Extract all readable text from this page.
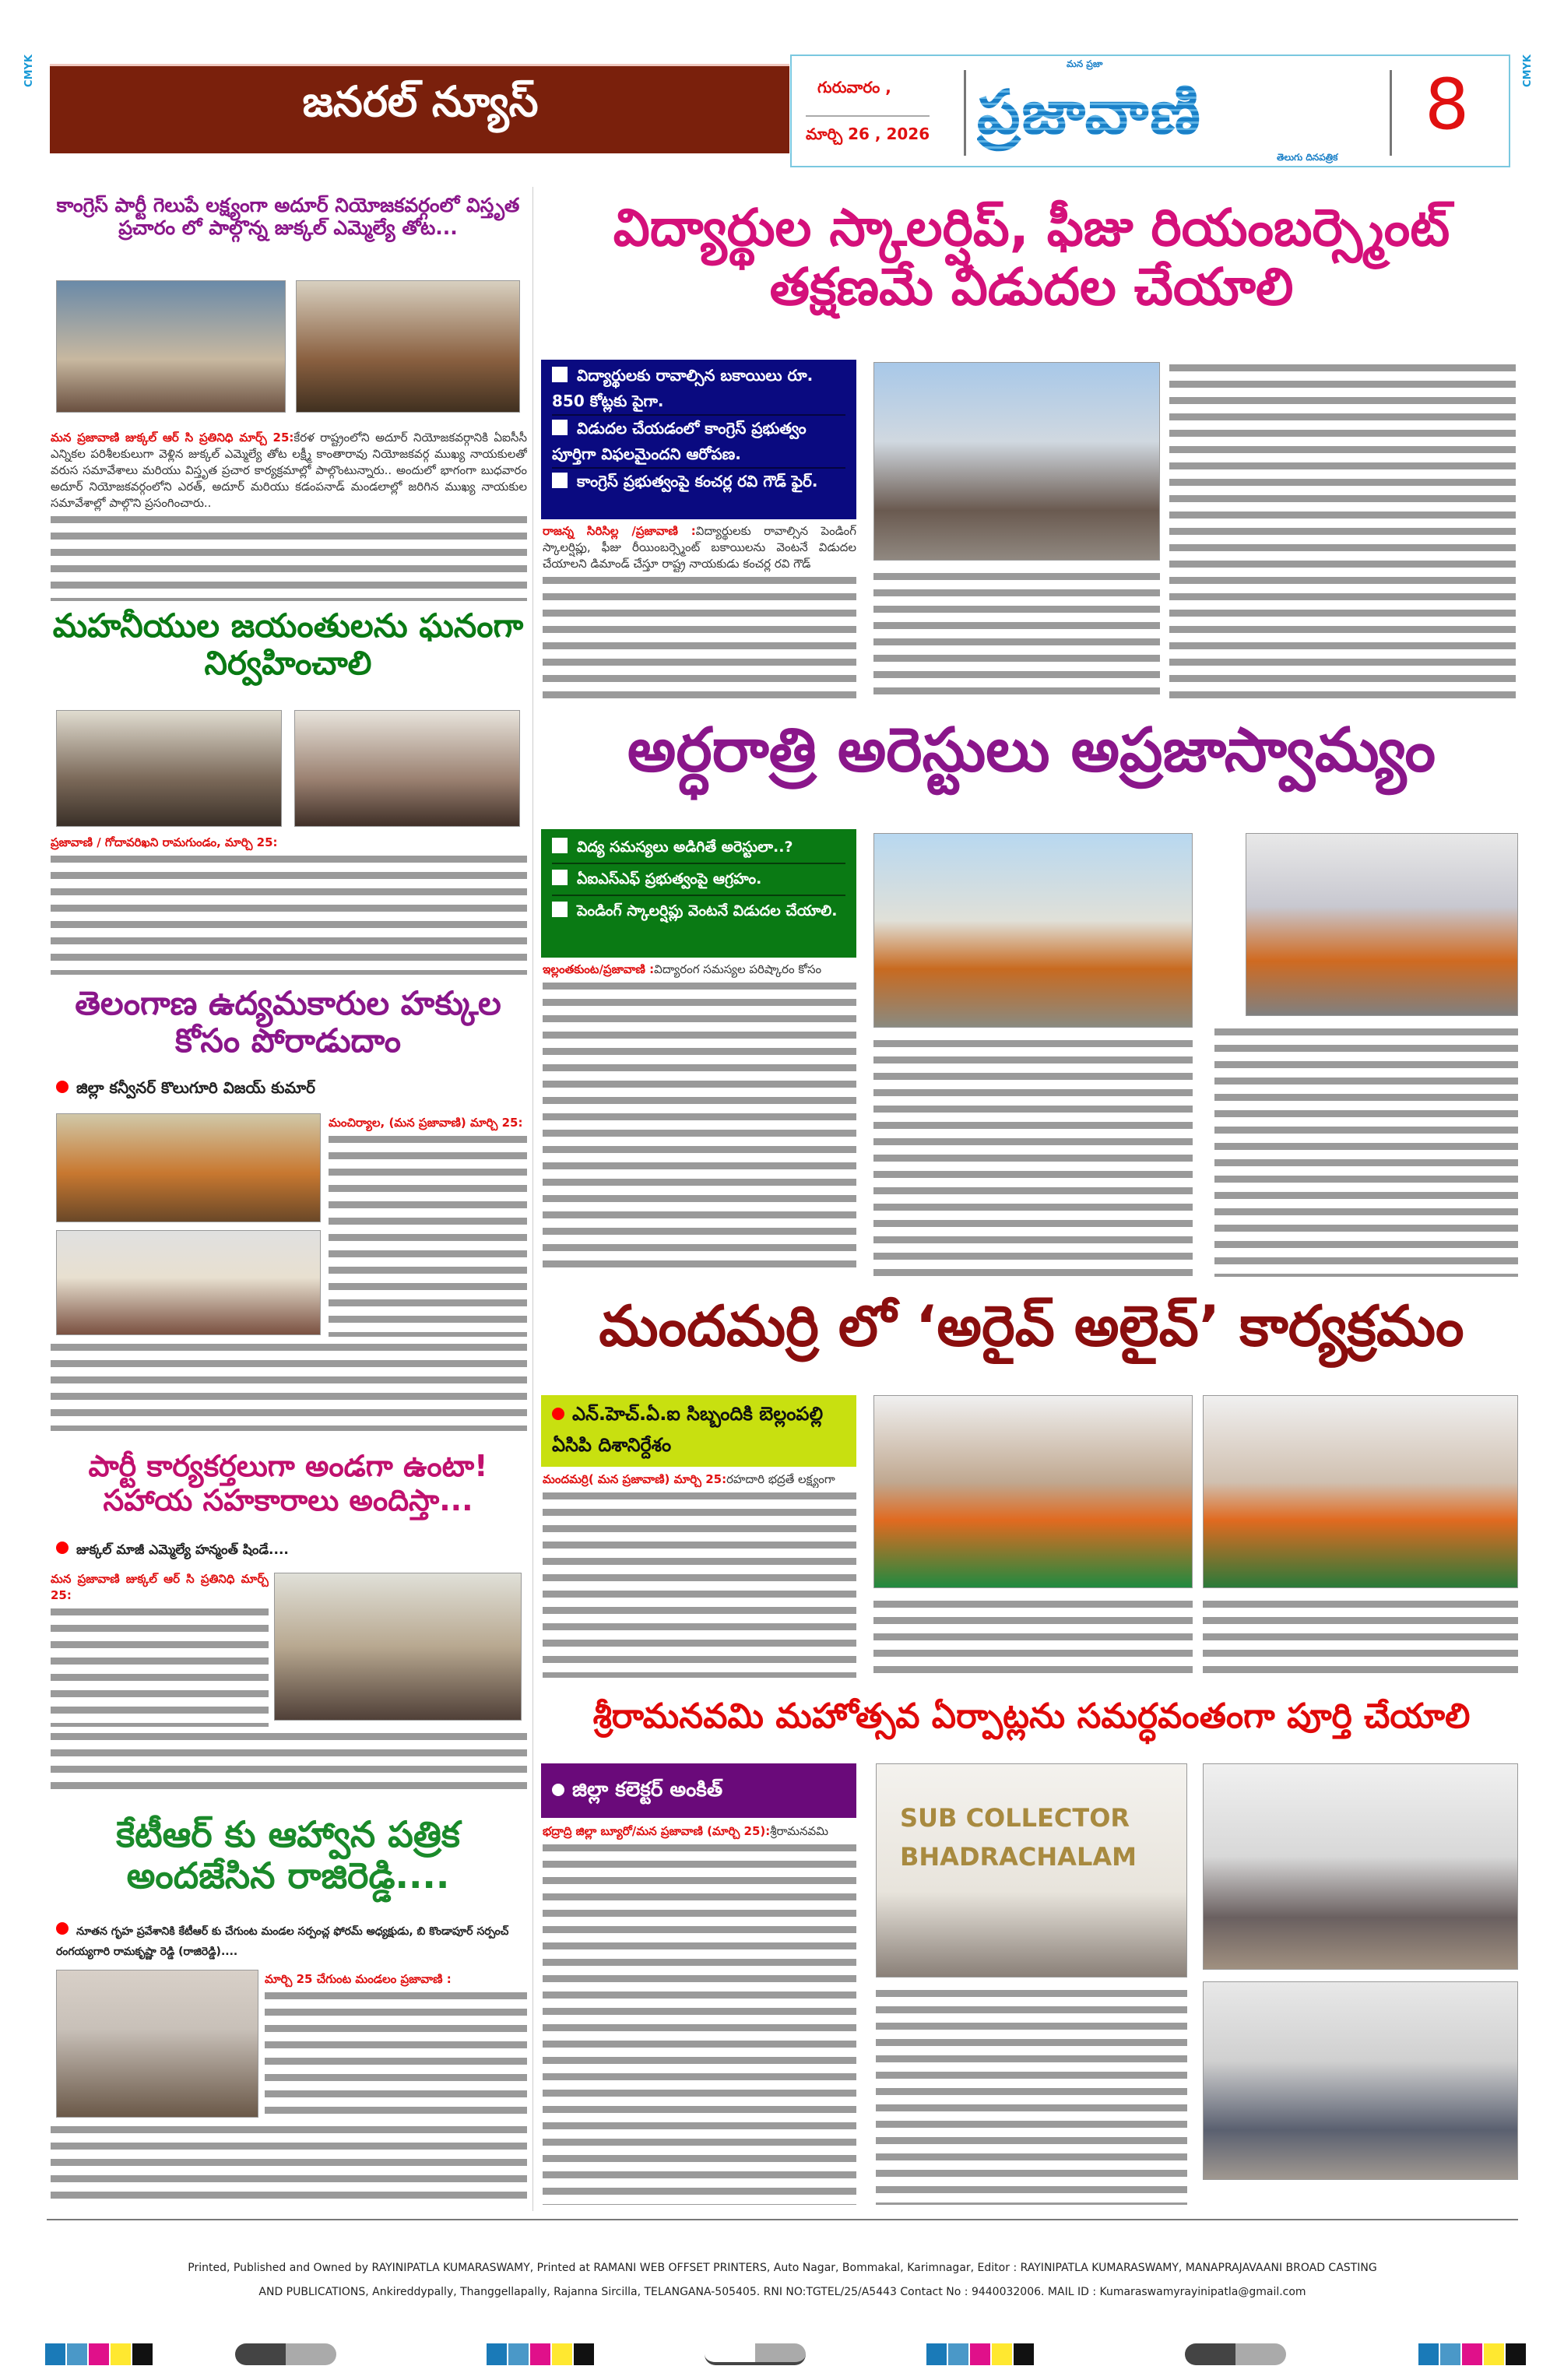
CMYK	CMYK
జనరల్ న్యూస్	గురువారం ,
మార్చి 26 , 2026 ప్రజావాణి
మన ప్రజా
తెలుగు దినపత్రిక
8
కాంగ్రెస్ పార్టీ గెలుపే లక్ష్యంగా అదూర్ నియోజకవర్గంలో విస్తృత ప్రచారం లో పాల్గొన్న జుక్కల్ ఎమ్మెల్యే తోట...
మన ప్రజావాణి జుక్కల్ ఆర్ సి ప్రతినిధి మార్చ్ 25:కేరళ రాష్ట్రంలోని అదూర్ నియోజకవర్గానికి ఏఐసీసీ ఎన్నికల పరిశీలకులుగా వెళ్లిన జుక్కల్ ఎమ్మెల్యే తోట లక్ష్మీ కాంతారావు నియోజకవర్గ ముఖ్య నాయకులతో వరుస సమావేశాలు మరియు విస్తృత ప్రచార కార్యక్రమాల్లో పాల్గొంటున్నారు.. అందులో భాగంగా బుధవారం అదూర్ నియోజకవర్గంలోని ఎరత్, అదూర్ మరియు కడంపనాడ్ మండలాల్లో జరిగిన ముఖ్య నాయకుల సమావేశాల్లో పాల్గొని ప్రసంగించారు..
మహనీయుల జయంతులను ఘనంగా నిర్వహించాలి
ప్రజావాణి / గోదావరిఖని రామగుండం, మార్చి 25:
తెలంగాణ ఉద్యమకారుల హక్కుల కోసం పోరాడుదాం
జిల్లా కన్వీనర్ కొలుగూరి విజయ్ కుమార్
మంచిర్యాల, (మన ప్రజావాణి) మార్చి 25:
పార్టీ కార్యకర్తలుగా అండగా ఉంటా! సహాయ సహకారాలు అందిస్తా...
జుక్కల్ మాజీ ఎమ్మెల్యే హన్మంత్ షిండే....
మన ప్రజావాణి జుక్కల్ ఆర్ సి ప్రతినిధి మార్చ్ 25:
కేటీఆర్ కు ఆహ్వాన పత్రిక అందజేసిన రాజిరెడ్డి....
నూతన గృహ ప్రవేశానికి కేటీఆర్ కు చేగుంట మండల సర్పంచ్ల ఫోరమ్ అధ్యక్షుడు, బి కొండాపూర్ సర్పంచ్ రంగయ్యగారి రామకృష్ణా రెడ్డి (రాజిరెడ్డి)....
మార్చి 25 చేగుంట మండలం ప్రజావాణి :
విద్యార్థుల స్కాలర్షిప్, ఫీజు రియంబర్స్మెంట్ తక్షణమే విడుదల చేయాలి
విద్యార్థులకు రావాల్సిన బకాయిలు రూ. 850 కోట్లకు పైగా.
విడుదల చేయడంలో కాంగ్రెస్ ప్రభుత్వం పూర్తిగా విఫలమైందని ఆరోపణ.
కాంగ్రెస్ ప్రభుత్వంపై కంచర్ల రవి గౌడ్ ఫైర్.
రాజన్న సిరిసిల్ల /ప్రజావాణి :విద్యార్థులకు రావాల్సిన పెండింగ్ స్కాలర్షిప్లు, ఫీజు రీయింబర్స్మెంట్ బకాయిలను వెంటనే విడుదల చేయాలని డిమాండ్ చేస్తూ రాష్ట్ర నాయకుడు కంచర్ల రవి గౌడ్
అర్ధరాత్రి అరెస్టులు అప్రజాస్వామ్యం
విద్య సమస్యలు అడిగితే అరెస్టులా..?
ఏఐఎస్ఎఫ్ ప్రభుత్వంపై ఆగ్రహం.
పెండింగ్ స్కాలర్షిప్లు వెంటనే విడుదల చేయాలి.
ఇల్లంతకుంట/ప్రజావాణి :విద్యారంగ సమస్యల పరిష్కారం కోసం
మందమర్రి లో ‘అరైవ్ అలైవ్’ కార్యక్రమం
ఎన్.హెచ్.ఏ.ఐ సిబ్బందికి బెల్లంపల్లి ఏసిపి దిశానిర్దేశం
మందమర్రి( మన ప్రజావాణి) మార్చి 25:రహదారి భద్రతే లక్ష్యంగా
శ్రీరామనవమి మహోత్సవ ఏర్పాట్లను సమర్ధవంతంగా పూర్తి చేయాలి
జిల్లా కలెక్టర్ అంకిత్
భద్రాద్రి జిల్లా బ్యూరో/మన ప్రజావాణి (మార్చి 25):శ్రీరామనవమి	SUB COLLECTOR
BHADRACHALAM
Printed, Published and Owned by RAYINIPATLA KUMARASWAMY, Printed at RAMANI WEB OFFSET PRINTERS, Auto Nagar, Bommakal, Karimnagar, Editor : RAYINIPATLA KUMARASWAMY, MANAPRAJAVAANI BROAD CASTING
AND PUBLICATIONS, Ankireddypally, Thanggellapally, Rajanna Sircilla, TELANGANA-505405. RNI NO:TGTEL/25/A5443 Contact No : 9440032006. MAIL ID : Kumaraswamyrayinipatla@gmail.com
